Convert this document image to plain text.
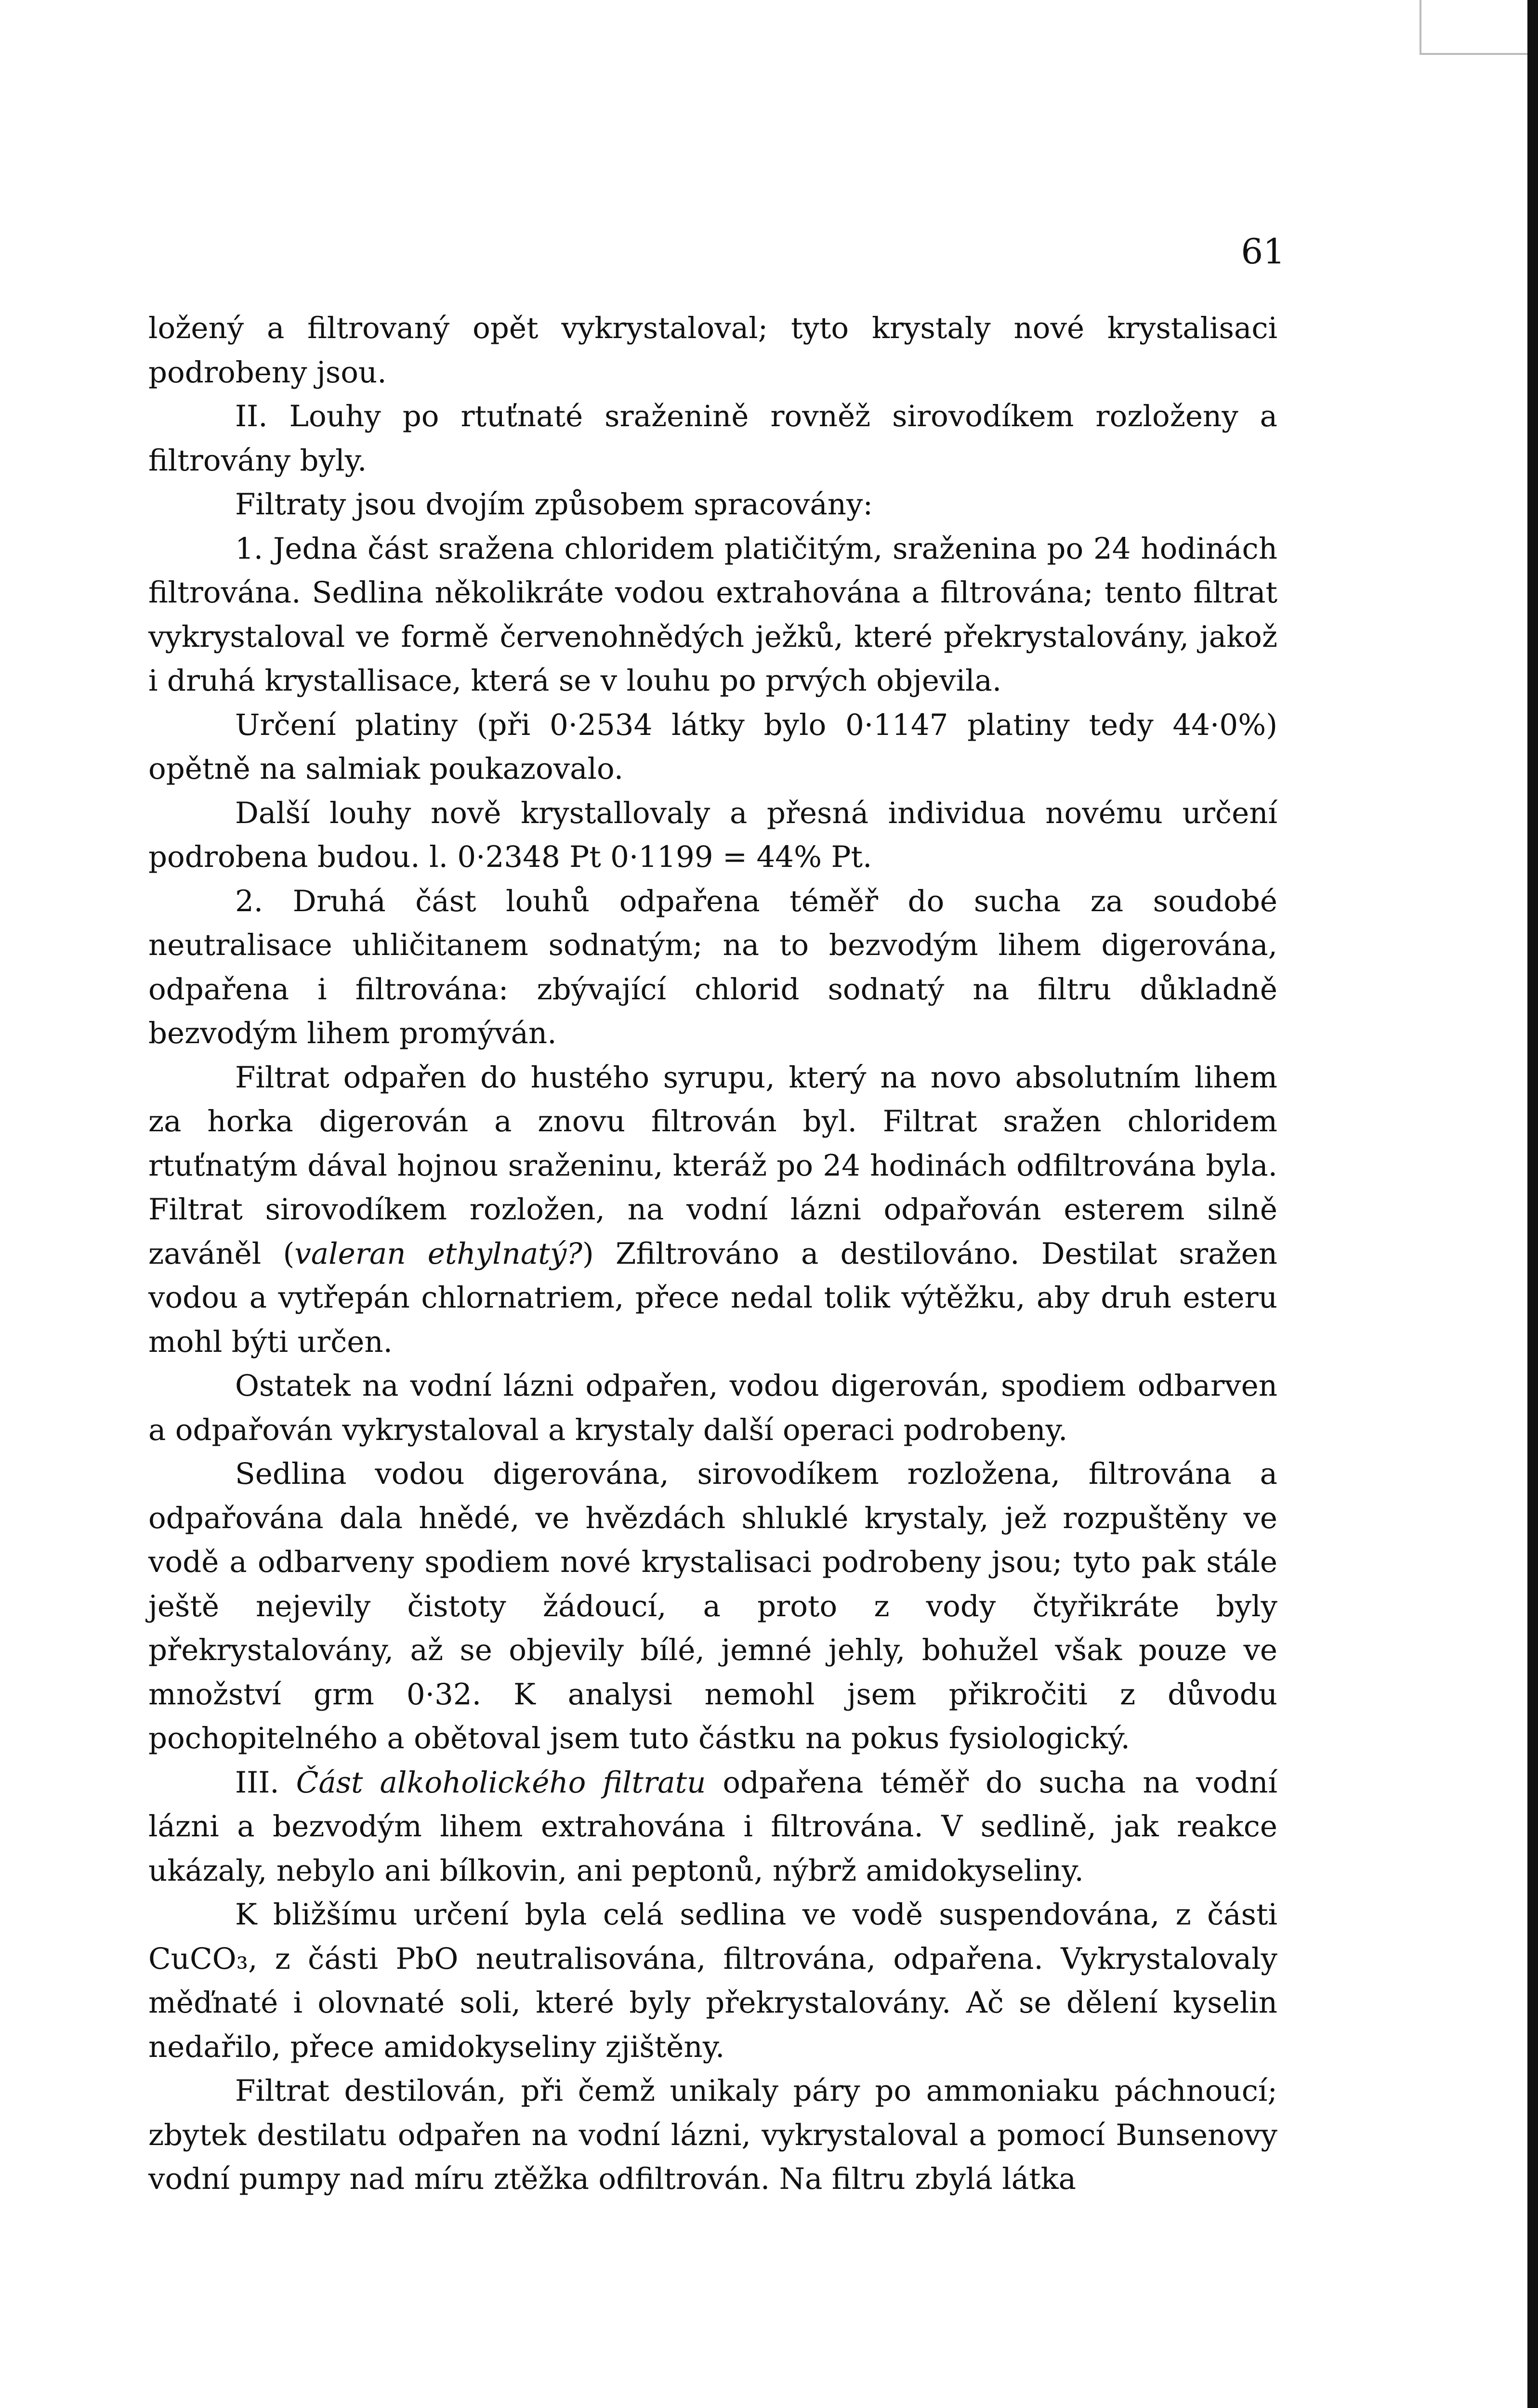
61

ložený a filtrovaný opět vykrystaloval; tyto krystaly nové krystalisaci podrobeny jsou.

II. Louhy po rtuťnaté sraženině rovněž sirovodíkem rozloženy a filtrovány byly.

Filtraty jsou dvojím způsobem spracovány:

1. Jedna část sražena chloridem platičitým, sraženina po 24 hodinách filtrována. Sedlina několikráte vodou extrahována a filtrována; tento filtrat vykrystaloval ve formě červenohnědých ježků, které překrystalovány, jakož i druhá krystallisace, která se v louhu po prvých objevila.

Určení platiny (při 0·2534 látky bylo 0·1147 platiny tedy 44·0%) opětně na salmiak poukazovalo.

Další louhy nově krystallovaly a přesná individua novému určení podrobena budou. l. 0·2348 Pt 0·1199 = 44% Pt.

2. Druhá část louhů odpařena téměř do sucha za soudobé neutralisace uhličitanem sodnatým; na to bezvodým lihem digerována, odpařena i filtrována: zbývající chlorid sodnatý na filtru důkladně bezvodým lihem promýván.

Filtrat odpařen do hustého syrupu, který na novo absolutním lihem za horka digerován a znovu filtrován byl. Filtrat sražen chloridem rtuťnatým dával hojnou sraženinu, kteráž po 24 hodinách odfiltrována byla. Filtrat sirovodíkem rozložen, na vodní lázni odpařován esterem silně zaváněl (valeran ethylnatý?) Zfiltrováno a destilováno. Destilat sražen vodou a vytřepán chlornatriem, přece nedal tolik výtěžku, aby druh esteru mohl býti určen.

Ostatek na vodní lázni odpařen, vodou digerován, spodiem odbarven a odpařován vykrystaloval a krystaly další operaci podrobeny.

Sedlina vodou digerována, sirovodíkem rozložena, filtrována a odpařována dala hnědé, ve hvězdách shluklé krystaly, jež rozpuštěny ve vodě a odbarveny spodiem nové krystalisaci podrobeny jsou; tyto pak stále ještě nejevily čistoty žádoucí, a proto z vody čtyřikráte byly překrystalovány, až se objevily bílé, jemné jehly, bohužel však pouze ve množství grm 0·32. K analysi nemohl jsem přikročiti z důvodu pochopitelného a obětoval jsem tuto částku na pokus fysiologický.

III. Část alkoholického filtratu odpařena téměř do sucha na vodní lázni a bezvodým lihem extrahována i filtrována. V sedlině, jak reakce ukázaly, nebylo ani bílkovin, ani peptonů, nýbrž amidokyseliny.

K bližšímu určení byla celá sedlina ve vodě suspendována, z části CuCO₃, z části PbO neutralisována, filtrována, odpařena. Vykrystalovaly měďnaté i olovnaté soli, které byly překrystalovány. Ač se dělení kyselin nedařilo, přece amidokyseliny zjištěny.

Filtrat destilován, při čemž unikaly páry po ammoniaku páchnoucí; zbytek destilatu odpařen na vodní lázni, vykrystaloval a pomocí Bunsenovy vodní pumpy nad míru ztěžka odfiltrován. Na filtru zbylá látka
